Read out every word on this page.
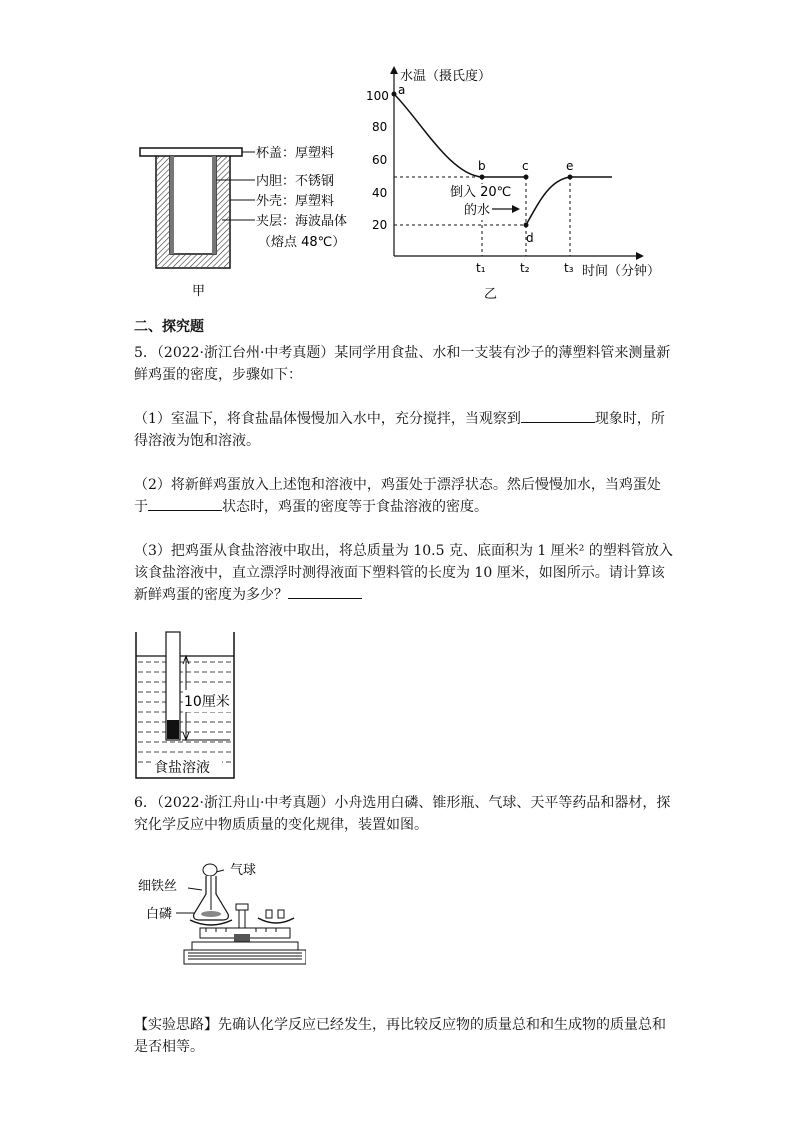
杯盖：厚塑料
内胆：不锈钢
外壳：厚塑料
夹层：海波晶体
（熔点 48℃）
甲
水温（摄氏度）
时间（分钟）
100
80
60
40
20
a
b	c
d
e
t₁	t₂	t₃
倒入 20℃
的水
乙
二、探究题
5．（2022·浙江台州·中考真题）某同学用食盐、水和一支装有沙子的薄塑料管来测量新鲜鸡蛋的密度，步骤如下：
（1）室温下，将食盐晶体慢慢加入水中，充分搅拌，当观察到	现象时，所得溶液为饱和溶液。
（2）将新鲜鸡蛋放入上述饱和溶液中，鸡蛋处于漂浮状态。然后慢慢加水，当鸡蛋处于	状态时，鸡蛋的密度等于食盐溶液的密度。
（3）把鸡蛋从食盐溶液中取出，将总质量为 10.5 克、底面积为 1 厘米² 的塑料管放入该食盐溶液中，直立漂浮时测得液面下塑料管的长度为 10 厘米，如图所示。请计算该新鲜鸡蛋的密度为多少？
10厘米
食盐溶液
6．（2022·浙江舟山·中考真题）小舟选用白磷、锥形瓶、气球、天平等药品和器材，探究化学反应中物质质量的变化规律，装置如图。
气球
细铁丝
白磷
【实验思路】先确认化学反应已经发生，再比较反应物的质量总和和生成物的质量总和是否相等。
